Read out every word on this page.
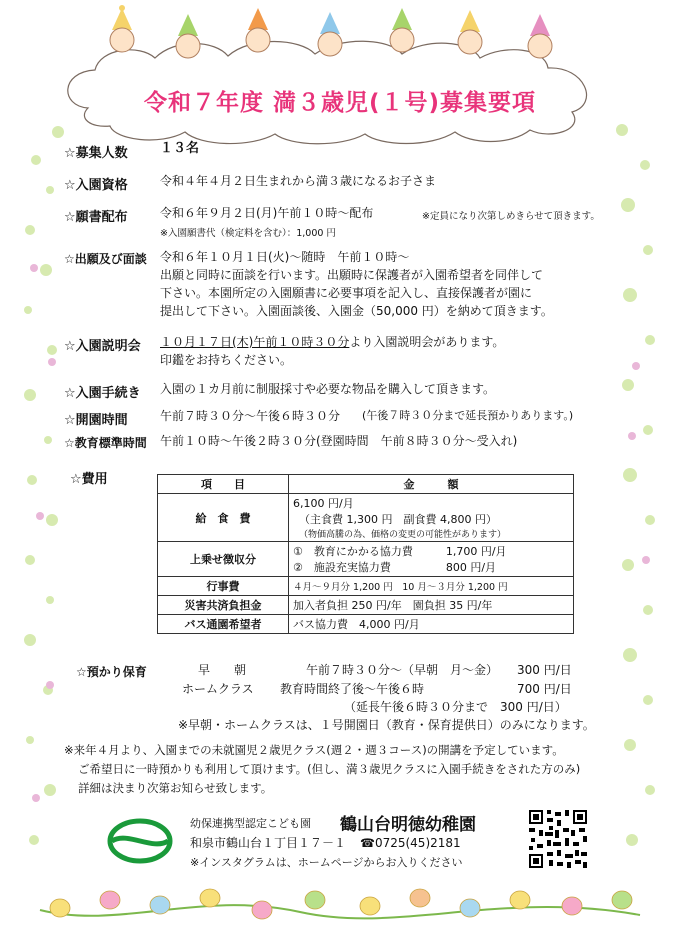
令和７年度 満３歳児(１号)募集要項
☆募集人数 １３名
☆入園資格	令和４年４月２日生まれから満３歳になるお子さま
☆願書配布	令和６年９月２日(月)午前１０時～配布	※定員になり次第しめきらせて頂きます。
※入園願書代（検定料を含む）：1,000 円
☆出願及び面談 令和６年１０月１日(火)～随時　午前１０時～
出願と同時に面談を行います。出願時に保護者が入園希望者を同伴して
下さい。本園所定の入園願書に必要事項を記入し、直接保護者が園に
提出して下さい。入園面談後、入園金（50,000 円）を納めて頂きます。
☆入園説明会 １０月１７日(木)午前１０時３０分より入園説明会があります。
印鑑をお持ちください。
☆入園手続き 入園の１カ月前に制服採寸や必要な物品を購入して頂きます。
☆開園時間	午前７時３０分～午後６時３０分 (午後７時３０分まで延長預かりあります。)
☆教育標準時間 午前１０時～午後２時３０分(登園時間　午前８時３０分～受入れ)
☆費用	項　　目	金　　　額
給　食　費	6,100 円/月
（主食費 1,300 円　副食費 4,800 円）
（物価高騰の為、価格の変更の可能性があります）

上乗せ徴収分	①　教育にかかる協力費　　　1,700 円/月
②　施設充実協力費　　　　　800 円/月

行事費	４月～９月分 1,200 円　10 月～３月分 1,200 円
災害共済負担金	加入者負担 250 円/年　園負担 35 円/年
バス通園希望者	バス協力費　4,000 円/月
☆預かり保育	早　　朝	午前７時３０分～（早朝　月～金） 300 円/日
ホームクラス 教育時間終了後～午後６時	700 円/日
（延長午後６時３０分まで　300 円/日）
※早朝・ホームクラスは、１号開園日（教育・保育提供日）のみになります。
※来年４月より、入園までの未就園児２歳児クラス(週２・週３コース)の開講を予定しています。
ご希望日に一時預かりも利用して頂けます。(但し、満３歳児クラスに入園手続きをされた方のみ)
詳細は決まり次第お知らせ致します。
幼保連携型認定こども園 鶴山台明徳幼稚園
和泉市鶴山台１丁目１７－１ ☎0725(45)2181
※インスタグラムは、ホームページからお入りください
